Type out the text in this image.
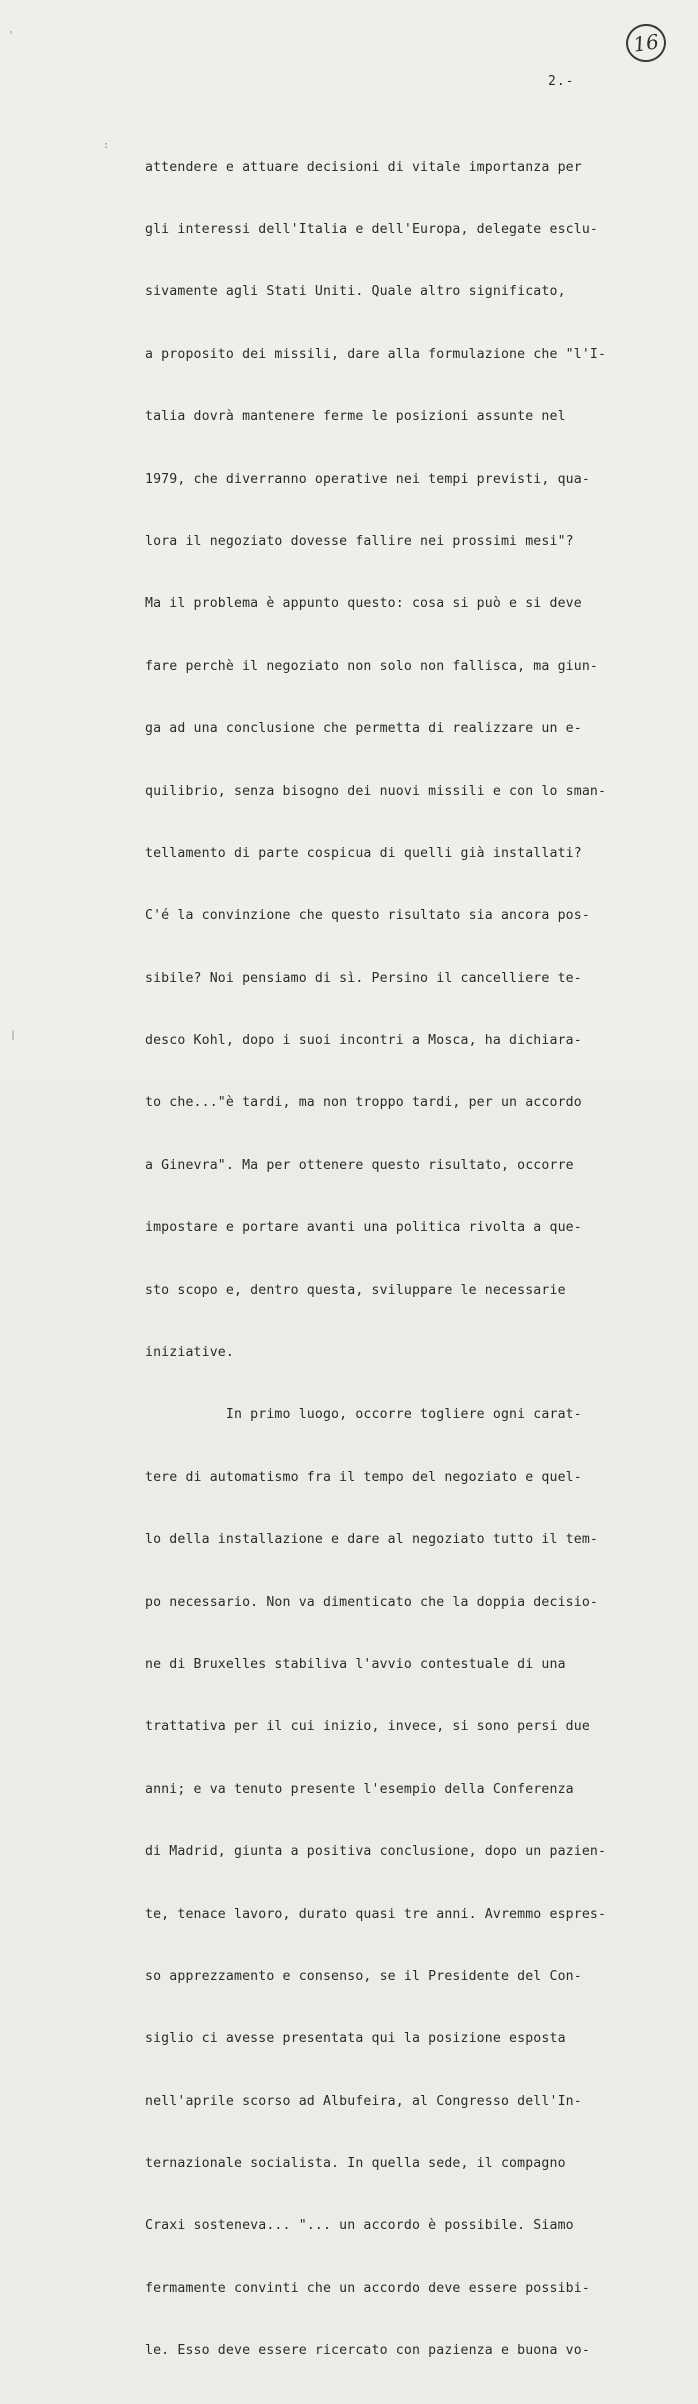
16
2.-
'
:
|

attendere e attuare decisioni di vitale importanza per

gli interessi dell'Italia e dell'Europa, delegate esclu-

sivamente agli Stati Uniti. Quale altro significato,

a proposito dei missili, dare alla formulazione che "l'I-

talia dovrà mantenere ferme le posizioni assunte nel

1979, che diverranno operative nei tempi previsti, qua-

lora il negoziato dovesse fallire nei prossimi mesi"?

Ma il problema è appunto questo: cosa si può e si deve

fare perchè il negoziato non solo non fallisca, ma giun-

ga ad una conclusione che permetta di realizzare un e-

quilibrio, senza bisogno dei nuovi missili e con lo sman-

tellamento di parte cospicua di quelli già installati?

C'é la convinzione che questo risultato sia ancora pos-

sibile? Noi pensiamo di sì. Persino il cancelliere te-

desco Kohl, dopo i suoi incontri a Mosca, ha dichiara-

to che..."è tardi, ma non troppo tardi, per un accordo

a Ginevra". Ma per ottenere questo risultato, occorre

impostare e portare avanti una politica rivolta a que-

sto scopo e, dentro questa, sviluppare le necessarie

iniziative.

In primo luogo, occorre togliere ogni carat-

tere di automatismo fra il tempo del negoziato e quel-

lo della installazione e dare al negoziato tutto il tem-

po necessario. Non va dimenticato che la doppia decisio-

ne di Bruxelles stabiliva l'avvio contestuale di una

trattativa per il cui inizio, invece, si sono persi due

anni; e va tenuto presente l'esempio della Conferenza

di Madrid, giunta a positiva conclusione, dopo un pazien-

te, tenace lavoro, durato quasi tre anni. Avremmo espres-

so apprezzamento e consenso, se il Presidente del Con-

siglio ci avesse presentata qui la posizione esposta

nell'aprile scorso ad Albufeira, al Congresso dell'In-

ternazionale socialista. In quella sede, il compagno

Craxi sosteneva... "... un accordo è possibile. Siamo

fermamente convinti che un accordo deve essere possibi-

le. Esso deve essere ricercato con pazienza e buona vo-
